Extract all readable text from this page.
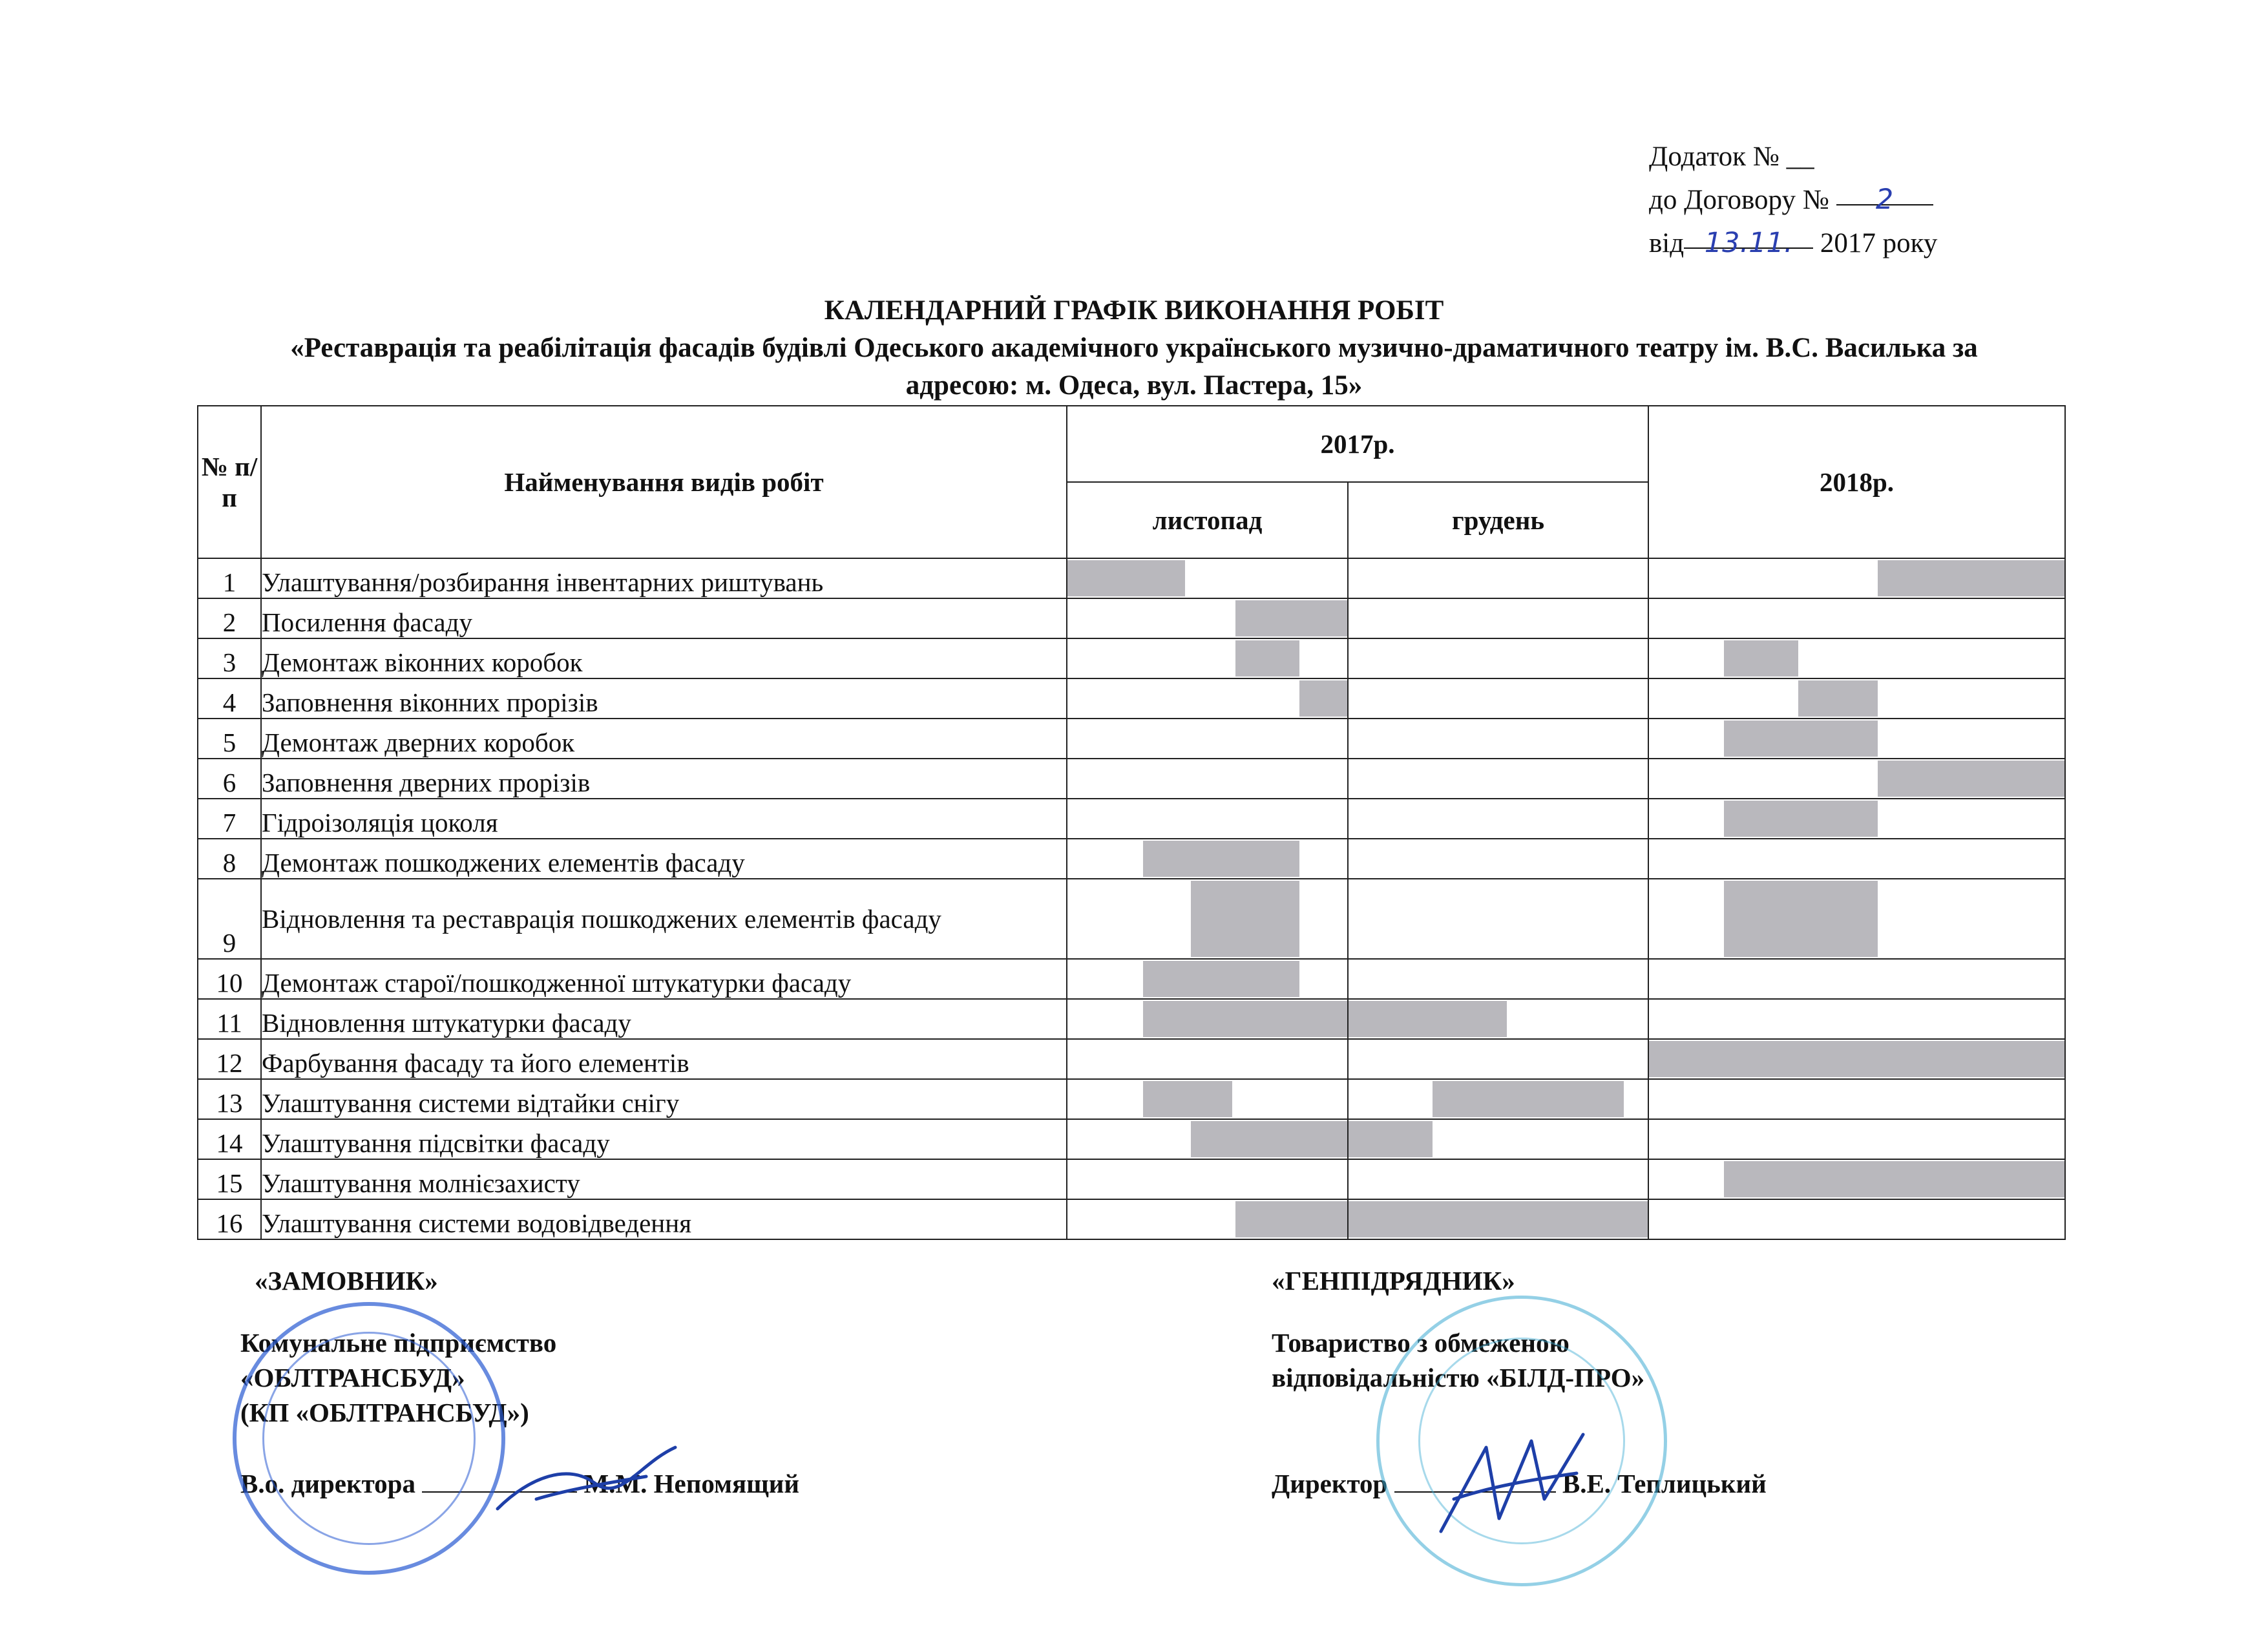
Додаток № __
до Договору № 2
від 13.11. 2017 року
КАЛЕНДАРНИЙ ГРАФІК ВИКОНАННЯ РОБІТ
«Реставрація та реабілітація фасадів будівлі Одеського академічного українського музично-драматичного театру ім. В.С. Василька за
адресою: м. Одеса, вул. Пастера, 15»
№ п/п	Найменування видів робіт	2017р.		2018р.
		листопад	грудень	
1	Улаштування/розбирання інвентарних риштувань	

2	Посилення фасаду	

3	Демонтаж віконних коробок	

4	Заповнення віконних прорізів	

5	Демонтаж дверних коробок			

6	Заповнення дверних прорізів			

7	Гідроізоляція цоколя			

8	Демонтаж пошкоджених елементів фасаду	

9	Відновлення та реставрація пошкоджених елементів фасаду	

10	Демонтаж старої/пошкодженної штукатурки фасаду	

11	Відновлення штукатурки фасаду	

12	Фарбування фасаду та його елементів			

13	Улаштування системи відтайки снігу	

14	Улаштування підсвітки фасаду	

15	Улаштування молнієзахисту			

16	Улаштування системи водовідведення	

«ЗАМОВНИК»
Комунальне підприємство
«ОБЛТРАНСБУД»
(КП «ОБЛТРАНСБУД»)
В.о. директора	М.М. Непомящий
«ГЕНПІДРЯДНИК»
Товариство з обмеженою
відповідальністю «БІЛД-ПРО»
Директор	В.Е. Теплицький
